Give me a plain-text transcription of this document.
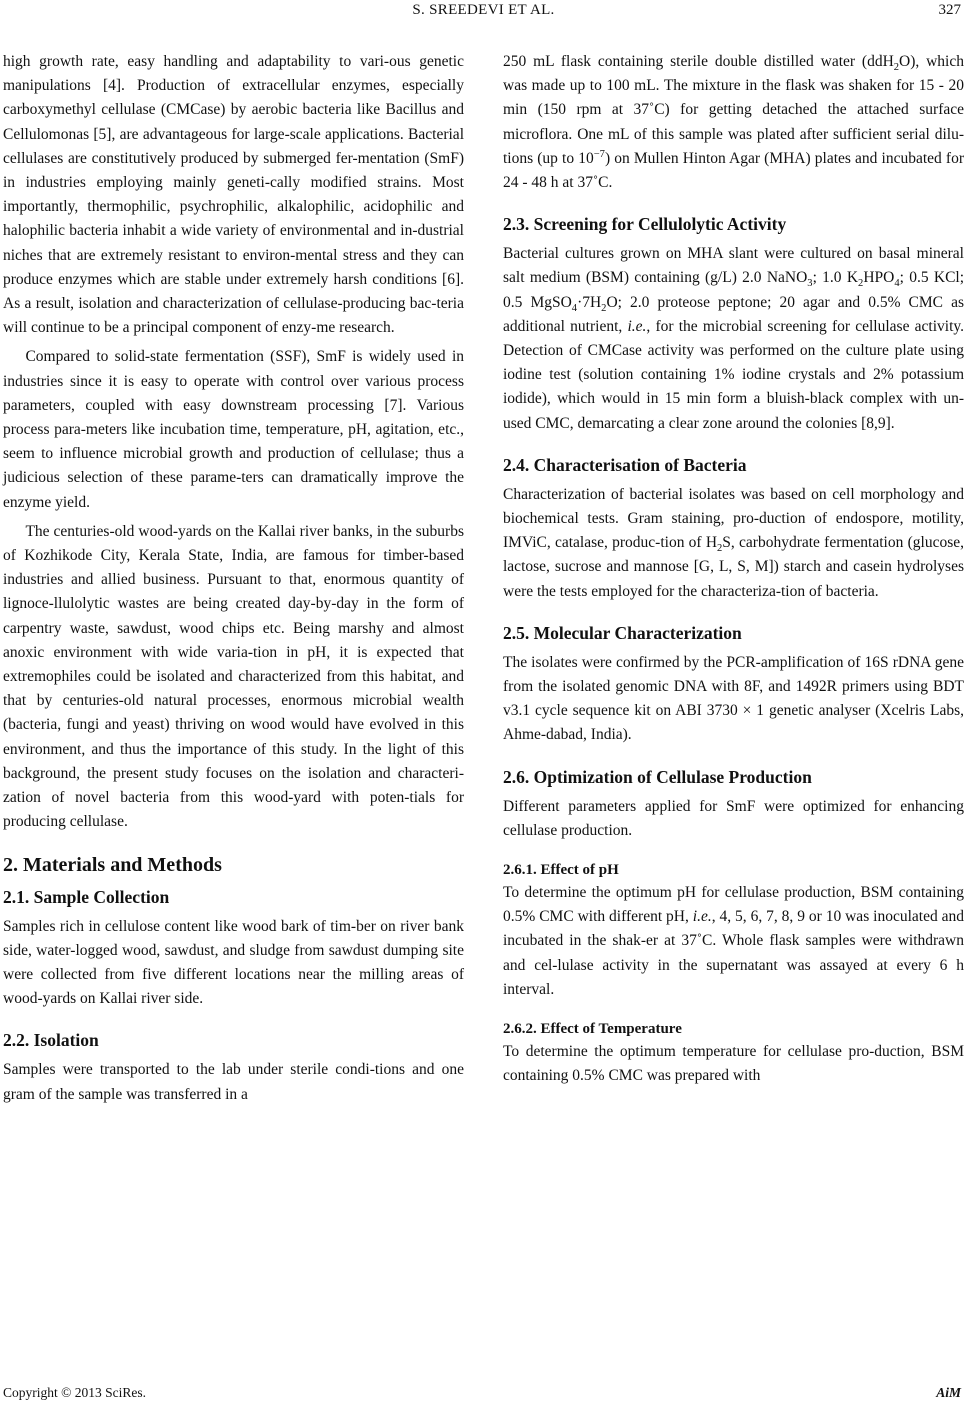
S. SREEDEVI ET AL.	327

high growth rate, easy handling and adaptability to vari-ous genetic manipulations [4]. Production of extracellular enzymes, especially carboxymethyl cellulase (CMCase) by aerobic bacteria like Bacillus and Cellulomonas [5], are advantageous for large-scale applications. Bacterial cellulases are constitutively produced by submerged fer-mentation (SmF) in industries employing mainly geneti-cally modified strains. Most importantly, thermophilic, psychrophilic, alkalophilic, acidophilic and halophilic bacteria inhabit a wide variety of environmental and in-dustrial niches that are extremely resistant to environ-mental stress and they can produce enzymes which are stable under extremely harsh conditions [6]. As a result, isolation and characterization of cellulase-producing bac-teria will continue to be a principal component of enzy-me research.

Compared to solid-state fermentation (SSF), SmF is widely used in industries since it is easy to operate with control over various process parameters, coupled with easy downstream processing [7]. Various process para-meters like incubation time, temperature, pH, agitation, etc., seem to influence microbial growth and production of cellulase; thus a judicious selection of these parame-ters can dramatically improve the enzyme yield.

The centuries-old wood-yards on the Kallai river banks, in the suburbs of Kozhikode City, Kerala State, India, are famous for timber-based industries and allied business. Pursuant to that, enormous quantity of lignoce-llulolytic wastes are being created day-by-day in the form of carpentry waste, sawdust, wood chips etc. Being marshy and almost anoxic environment with wide varia-tion in pH, it is expected that extremophiles could be isolated and characterized from this habitat, and that by centuries-old natural processes, enormous microbial wealth (bacteria, fungi and yeast) thriving on wood would have evolved in this environment, and thus the importance of this study. In the light of this background, the present study focuses on the isolation and characteri-zation of novel bacteria from this wood-yard with poten-tials for producing cellulase.

2. Materials and Methods
2.1. Sample Collection

Samples rich in cellulose content like wood bark of tim-ber on river bank side, water-logged wood, sawdust, and sludge from sawdust dumping site were collected from five different locations near the milling areas of wood-yards on Kallai river side.

2.2. Isolation

Samples were transported to the lab under sterile condi-tions and one gram of the sample was transferred in a

250 mL flask containing sterile double distilled water (ddH$_2$O), which was made up to 100 mL. The mixture in the flask was shaken for 15 - 20 min (150 rpm at 37˚C) for getting detached the attached surface microflora. One mL of this sample was plated after sufficient serial dilu-tions (up to $10^{-7}$) on Mullen Hinton Agar (MHA) plates and incubated for 24 - 48 h at 37˚C.

2.3. Screening for Cellulolytic Activity

Bacterial cultures grown on MHA slant were cultured on basal mineral salt medium (BSM) containing (g/L) 2.0 NaNO$_3$; 1.0 $K_2HPO_4$; 0.5 KCl; 0.5 $MgSO_4\cdot 7H_2O$; 2.0 proteose peptone; 20 agar and 0.5% CMC as additional nutrient, i.e., for the microbial screening for cellulase activity. Detection of CMCase activity was performed on the culture plate using iodine test (solution containing 1% iodine crystals and 2% potassium iodide), which would in 15 min form a bluish-black complex with un-used CMC, demarcating a clear zone around the colonies [8,9].

2.4. Characterisation of Bacteria

Characterization of bacterial isolates was based on cell morphology and biochemical tests. Gram staining, pro-duction of endospore, motility, IMViC, catalase, produc-tion of $H_2S$, carbohydrate fermentation (glucose, lactose, sucrose and mannose [G, L, S, M]) starch and casein hydrolyses were the tests employed for the characteriza-tion of bacteria.

2.5. Molecular Characterization

The isolates were confirmed by the PCR-amplification of 16S rDNA gene from the isolated genomic DNA with 8F, and 1492R primers using BDT v3.1 cycle sequence kit on ABI 3730 × 1 genetic analyser (Xcelris Labs, Ahme-dabad, India).

2.6. Optimization of Cellulase Production

Different parameters applied for SmF were optimized for enhancing cellulase production.

2.6.1. Effect of pH

To determine the optimum pH for cellulase production, BSM containing 0.5% CMC with different pH, i.e., 4, 5, 6, 7, 8, 9 or 10 was inoculated and incubated in the shak-er at 37˚C. Whole flask samples were withdrawn and cel-lulase activity in the supernatant was assayed at every 6 h interval.

2.6.2. Effect of Temperature

To determine the optimum temperature for cellulase pro-duction, BSM containing 0.5% CMC was prepared with

Copyright © 2013 SciRes.	AiM
